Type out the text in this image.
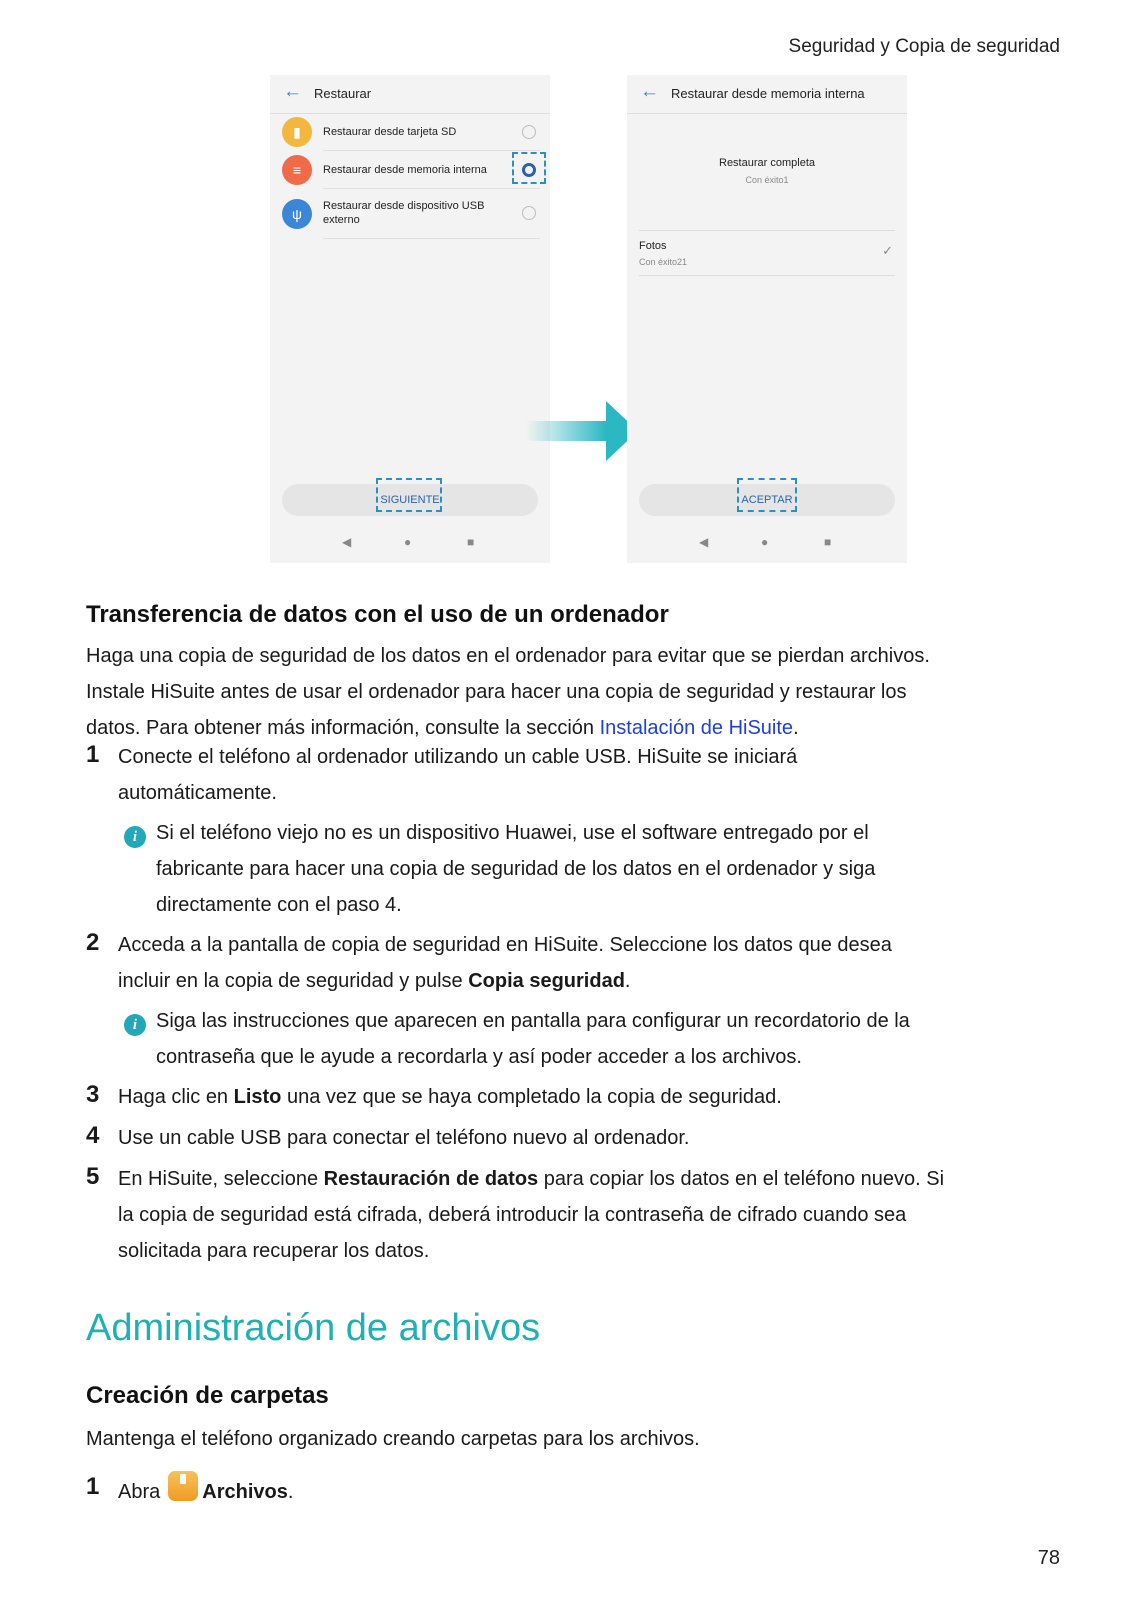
Seguridad y Copia de seguridad
← Restaurar
▮	Restaurar desde tarjeta SD
≡	Restaurar desde memoria interna
ψ	Restaurar desde dispositivo USB externo
SIGUIENTE
◀	●	■
← Restaurar desde memoria interna
Restaurar completa
Con éxito1
Fotos
Con éxito21
✓
ACEPTAR
◀	●	■
Transferencia de datos con el uso de un ordenador
Haga una copia de seguridad de los datos en el ordenador para evitar que se pierdan archivos.
Instale HiSuite antes de usar el ordenador para hacer una copia de seguridad y restaurar los
datos. Para obtener más información, consulte la sección Instalación de HiSuite.
1 Conecte el teléfono al ordenador utilizando un cable USB. HiSuite se iniciará
automáticamente.
i Si el teléfono viejo no es un dispositivo Huawei, use el software entregado por el
fabricante para hacer una copia de seguridad de los datos en el ordenador y siga
directamente con el paso 4.
2 Acceda a la pantalla de copia de seguridad en HiSuite. Seleccione los datos que desea
incluir en la copia de seguridad y pulse Copia seguridad.
i Siga las instrucciones que aparecen en pantalla para configurar un recordatorio de la
contraseña que le ayude a recordarla y así poder acceder a los archivos.
3 Haga clic en Listo una vez que se haya completado la copia de seguridad.
4 Use un cable USB para conectar el teléfono nuevo al ordenador.
5 En HiSuite, seleccione Restauración de datos para copiar los datos en el teléfono nuevo. Si
la copia de seguridad está cifrada, deberá introducir la contraseña de cifrado cuando sea
solicitada para recuperar los datos.
Administración de archivos
Creación de carpetas
Mantenga el teléfono organizado creando carpetas para los archivos.
1 Abra Archivos.
78
